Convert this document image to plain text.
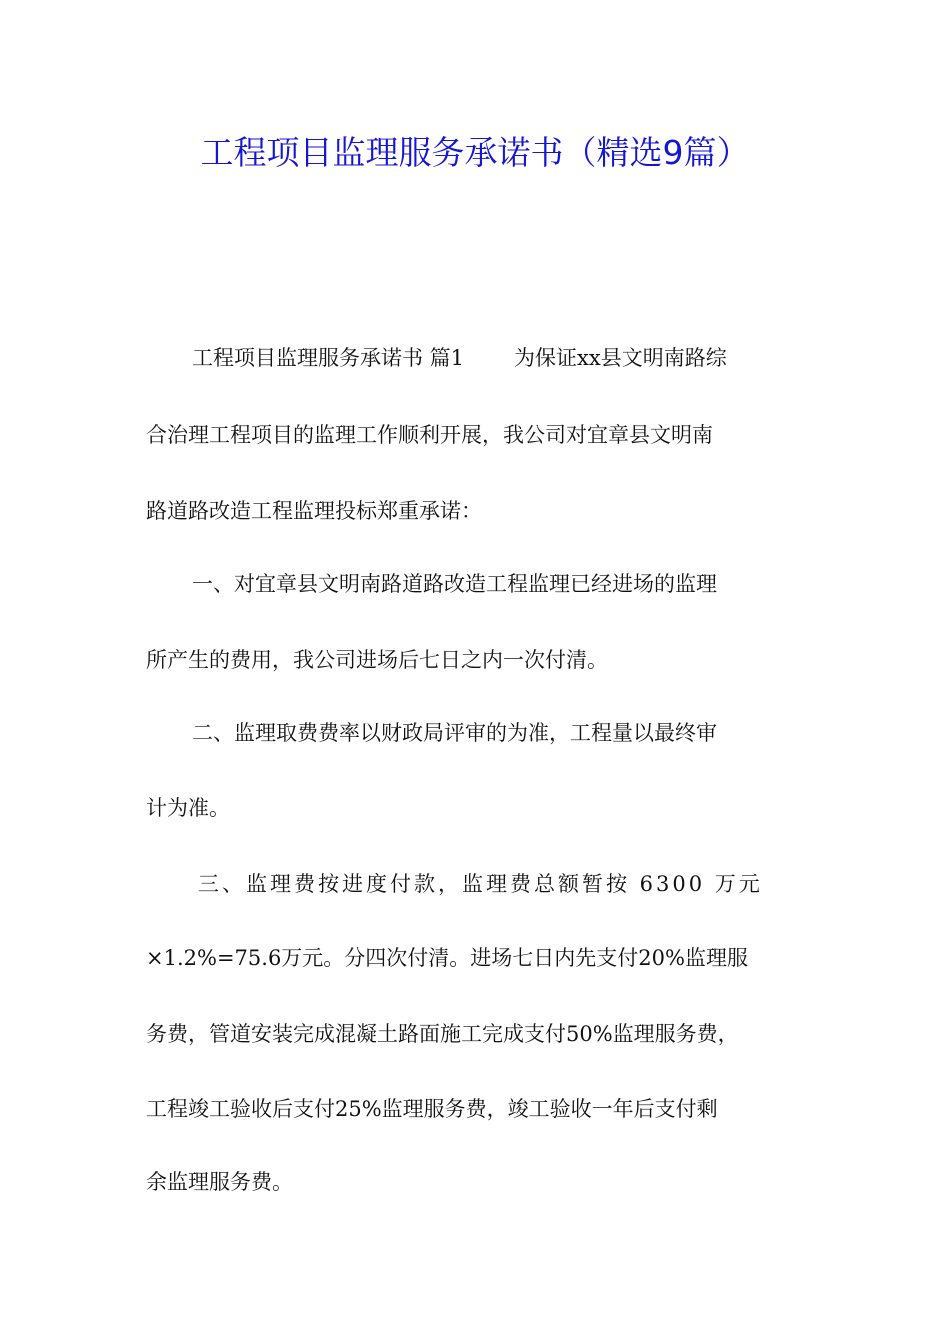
工程项目监理服务承诺书（精选9篇）
工程项目监理服务承诺书 篇1 为保证xx县文明南路综
合治理工程项目的监理工作顺利开展，我公司对宜章县文明南
路道路改造工程监理投标郑重承诺：
一、对宜章县文明南路道路改造工程监理已经进场的监理
所产生的费用，我公司进场后七日之内一次付清。
二、监理取费费率以财政局评审的为准，工程量以最终审
计为准。
三、监理费按进度付款，监理费总额暂按 6300 万元
×1.2%=75.6万元。分四次付清。进场七日内先支付20%监理服
务费，管道安装完成混凝土路面施工完成支付50%监理服务费，
工程竣工验收后支付25%监理服务费，竣工验收一年后支付剩
余监理服务费。
